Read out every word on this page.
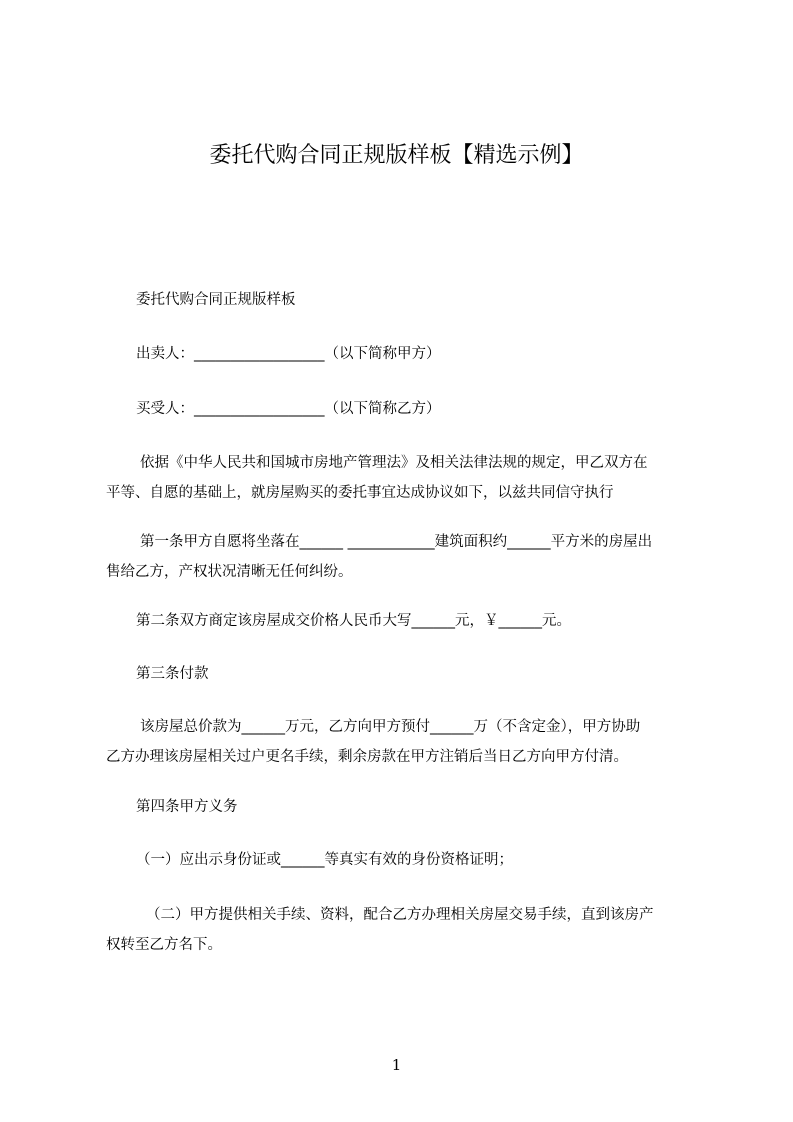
委托代购合同正规版样板【精选示例】
委托代购合同正规版样板
出卖人：__________________（以下简称甲方）
买受人：__________________（以下简称乙方）
依据《中华人民共和国城市房地产管理法》及相关法律法规的规定，甲乙双方在
平等、自愿的基础上，就房屋购买的委托事宜达成协议如下，以兹共同信守执行
第一条甲方自愿将坐落在______ ____________建筑面积约______平方米的房屋出
售给乙方，产权状况清晰无任何纠纷。
第二条双方商定该房屋成交价格人民币大写______元，￥______元。
第三条付款
该房屋总价款为______万元，乙方向甲方预付______万（不含定金），甲方协助
乙方办理该房屋相关过户更名手续，剩余房款在甲方注销后当日乙方向甲方付清。
第四条甲方义务
（一）应出示身份证或______等真实有效的身份资格证明；
（二）甲方提供相关手续、资料，配合乙方办理相关房屋交易手续，直到该房产
权转至乙方名下。
1
